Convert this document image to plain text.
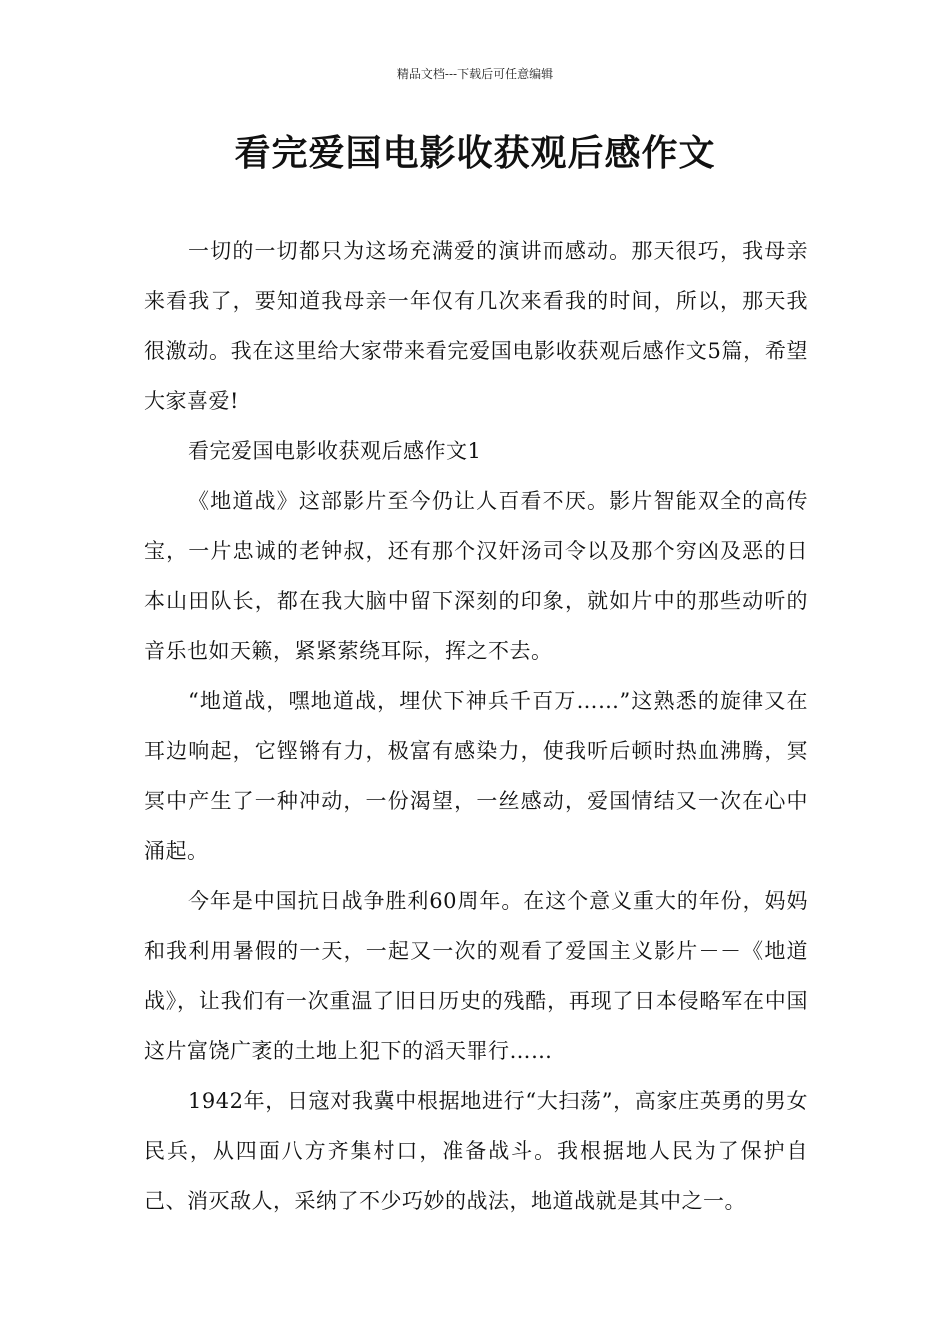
精品文档---下载后可任意编辑
看完爱国电影收获观后感作文

一切的一切都只为这场充满爱的演讲而感动。那天很巧，我母亲来看我了，要知道我母亲一年仅有几次来看我的时间，所以，那天我很激动。我在这里给大家带来看完爱国电影收获观后感作文5篇，希望大家喜爱!

看完爱国电影收获观后感作文1

《地道战》这部影片至今仍让人百看不厌。影片智能双全的高传宝，一片忠诚的老钟叔，还有那个汉奸汤司令以及那个穷凶及恶的日本山田队长，都在我大脑中留下深刻的印象，就如片中的那些动听的音乐也如天籁，紧紧萦绕耳际，挥之不去。

“地道战，嘿地道战，埋伏下神兵千百万……”这熟悉的旋律又在耳边响起，它铿锵有力，极富有感染力，使我听后顿时热血沸腾，冥冥中产生了一种冲动，一份渴望，一丝感动，爱国情结又一次在心中涌起。

今年是中国抗日战争胜利60周年。在这个意义重大的年份，妈妈和我利用暑假的一天，一起又一次的观看了爱国主义影片－－《地道战》，让我们有一次重温了旧日历史的残酷，再现了日本侵略军在中国这片富饶广袤的土地上犯下的滔天罪行……

1942年，日寇对我冀中根据地进行“大扫荡”，高家庄英勇的男女民兵，从四面八方齐集村口，准备战斗。我根据地人民为了保护自己、消灭敌人，采纳了不少巧妙的战法，地道战就是其中之一。
